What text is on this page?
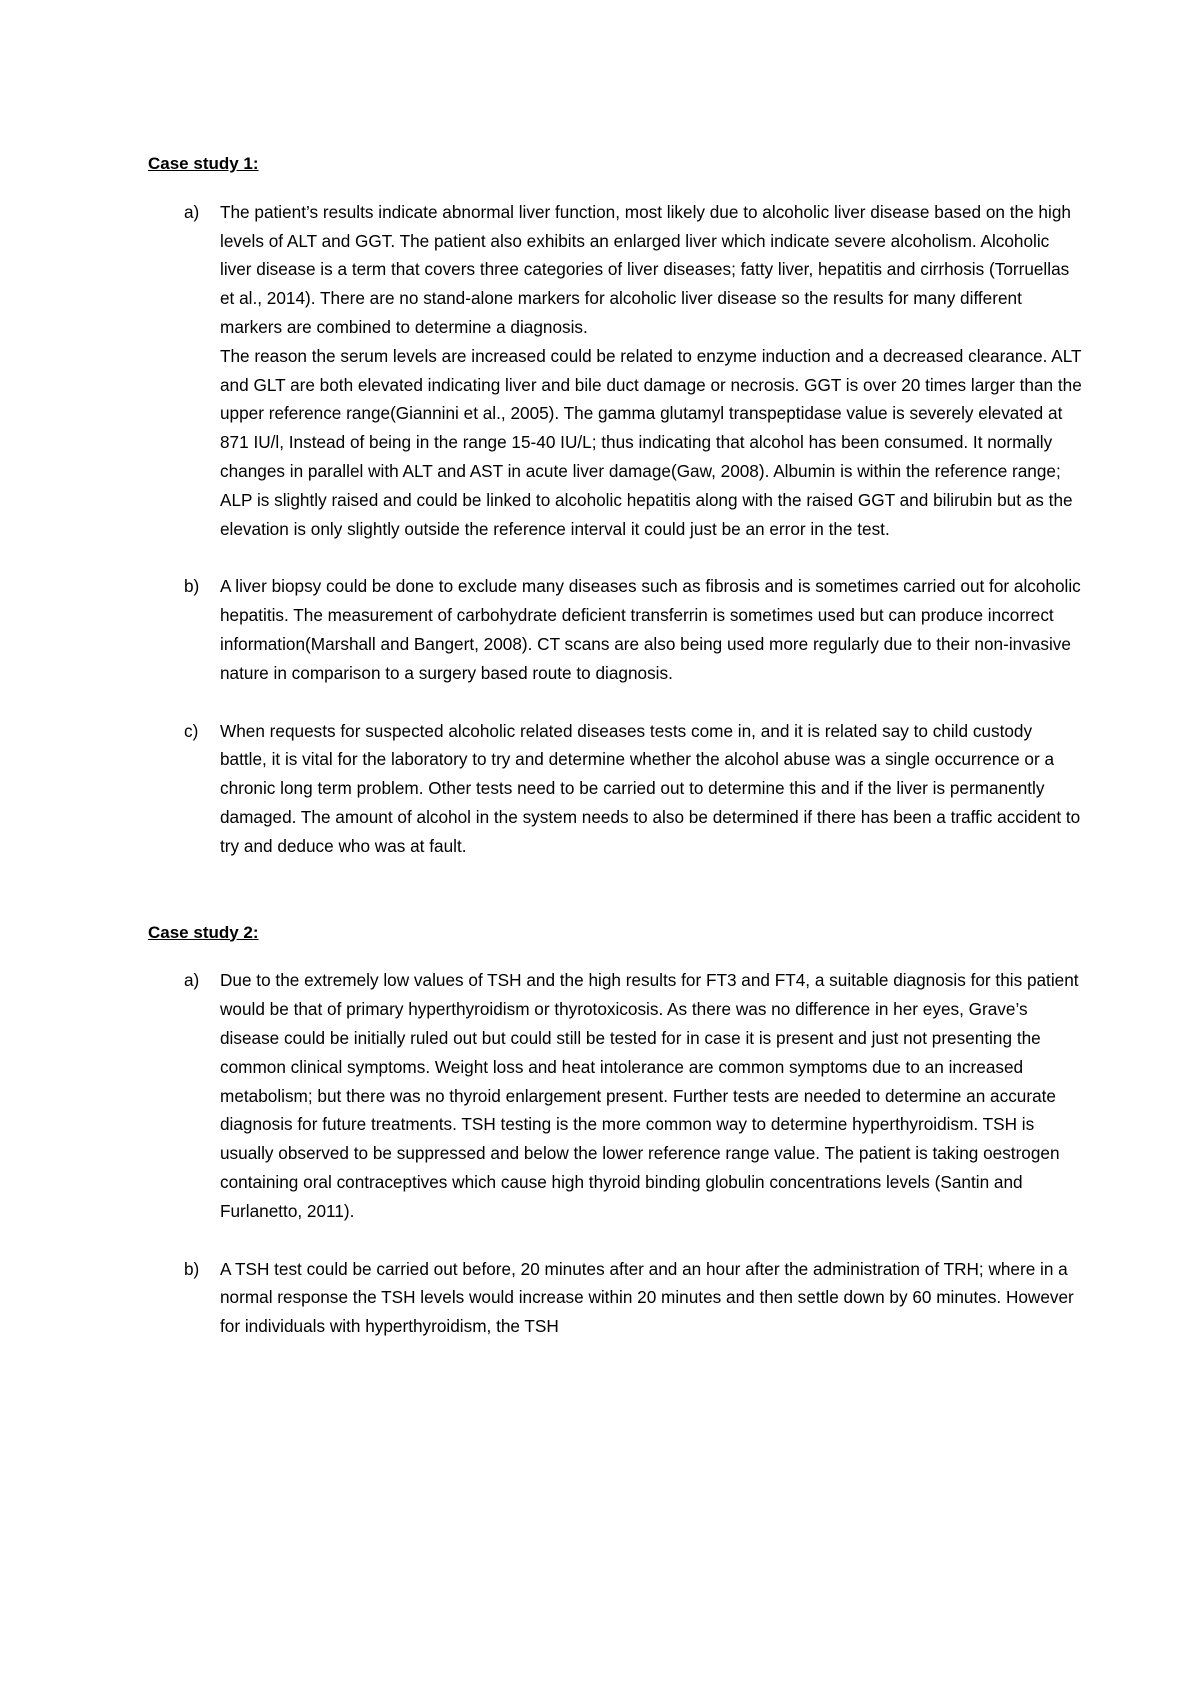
Case study 1:
a) The patient’s results indicate abnormal liver function, most likely due to alcoholic liver disease based on the high levels of ALT and GGT. The patient also exhibits an enlarged liver which indicate severe alcoholism. Alcoholic liver disease is a term that covers three categories of liver diseases; fatty liver, hepatitis and cirrhosis (Torruellas et al., 2014). There are no stand-alone markers for alcoholic liver disease so the results for many different markers are combined to determine a diagnosis.

The reason the serum levels are increased could be related to enzyme induction and a decreased clearance. ALT and GLT are both elevated indicating liver and bile duct damage or necrosis. GGT is over 20 times larger than the upper reference range(Giannini et al., 2005). The gamma glutamyl transpeptidase value is severely elevated at 871 IU/l, Instead of being in the range 15-40 IU/L; thus indicating that alcohol has been consumed. It normally changes in parallel with ALT and AST in acute liver damage(Gaw, 2008). Albumin is within the reference range; ALP is slightly raised and could be linked to alcoholic hepatitis along with the raised GGT and bilirubin but as the elevation is only slightly outside the reference interval it could just be an error in the test.

b) A liver biopsy could be done to exclude many diseases such as fibrosis and is sometimes carried out for alcoholic hepatitis. The measurement of carbohydrate deficient transferrin is sometimes used but can produce incorrect information(Marshall and Bangert, 2008). CT scans are also being used more regularly due to their non-invasive nature in comparison to a surgery based route to diagnosis.

c) When requests for suspected alcoholic related diseases tests come in, and it is related say to child custody battle, it is vital for the laboratory to try and determine whether the alcohol abuse was a single occurrence or a chronic long term problem. Other tests need to be carried out to determine this and if the liver is permanently damaged. The amount of alcohol in the system needs to also be determined if there has been a traffic accident to try and deduce who was at fault.

Case study 2:
a) Due to the extremely low values of TSH and the high results for FT3 and FT4, a suitable diagnosis for this patient would be that of primary hyperthyroidism or thyrotoxicosis. As there was no difference in her eyes, Grave’s disease could be initially ruled out but could still be tested for in case it is present and just not presenting the common clinical symptoms. Weight loss and heat intolerance are common symptoms due to an increased metabolism; but there was no thyroid enlargement present. Further tests are needed to determine an accurate diagnosis for future treatments. TSH testing is the more common way to determine hyperthyroidism. TSH is usually observed to be suppressed and below the lower reference range value. The patient is taking oestrogen containing oral contraceptives which cause high thyroid binding globulin concentrations levels (Santin and Furlanetto, 2011).

b) A TSH test could be carried out before, 20 minutes after and an hour after the administration of TRH; where in a normal response the TSH levels would increase within 20 minutes and then settle down by 60 minutes. However for individuals with hyperthyroidism, the TSH
